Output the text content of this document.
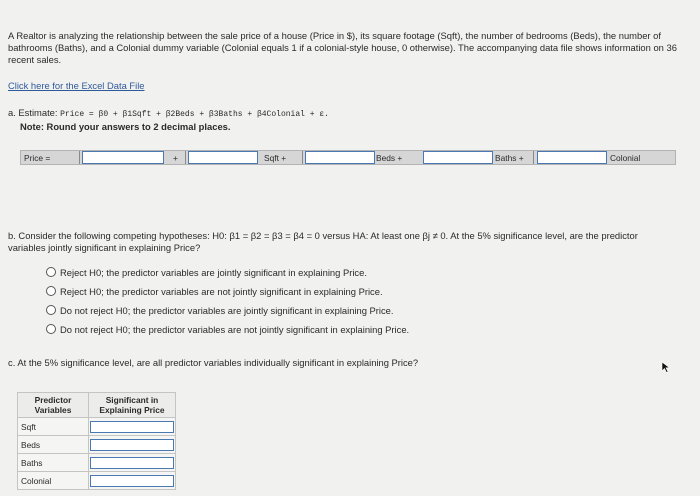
A Realtor is analyzing the relationship between the sale price of a house (Price in $), its square footage (Sqft), the number of bedrooms (Beds), the number of bathrooms (Baths), and a Colonial dummy variable (Colonial equals 1 if a colonial-style house, 0 otherwise). The accompanying data file shows information on 36 recent sales.
Click here for the Excel Data File
a. Estimate: Price = β0 + β1Sqft + β2Beds + β3Baths + β4Colonial + ε.
Note: Round your answers to 2 decimal places.
Price =	+	Sqft +	Beds +	Baths +	Colonial
b. Consider the following competing hypotheses: H0: β1 = β2 = β3 = β4 = 0 versus HA: At least one βj ≠ 0. At the 5% significance level, are the predictor variables jointly significant in explaining Price?
Reject H0; the predictor variables are jointly significant in explaining Price.
Reject H0; the predictor variables are not jointly significant in explaining Price.
Do not reject H0; the predictor variables are jointly significant in explaining Price.
Do not reject H0; the predictor variables are not jointly significant in explaining Price.
c. At the 5% significance level, are all predictor variables individually significant in explaining Price?
Predictor Variables	Significant in Explaining Price
Sqft	

Beds	

Baths	

Colonial	
